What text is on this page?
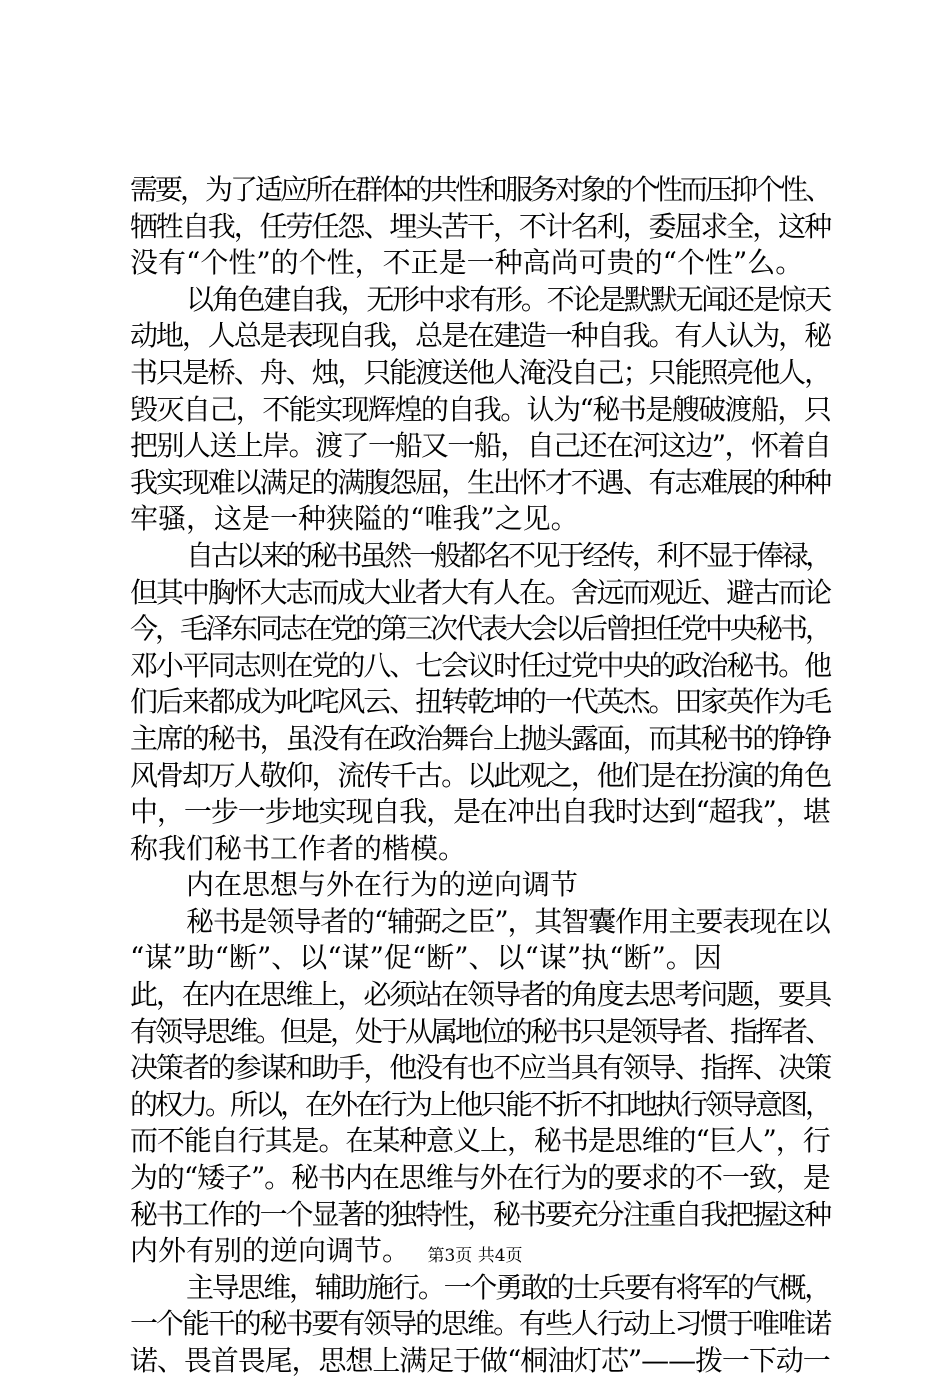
需要，为了适应所在群体的共性和服务对象的个性而压抑个性、
牺牲自我，任劳任怨、埋头苦干，不计名利，委屈求全，这种
没有“个性”的个性，不正是一种高尚可贵的“个性”么。
以角色建自我，无形中求有形。不论是默默无闻还是惊天
动地，人总是表现自我，总是在建造一种自我。有人认为，秘
书只是桥、舟、烛，只能渡送他人淹没自己；只能照亮他人，
毁灭自己，不能实现辉煌的自我。认为“秘书是艘破渡船，只
把别人送上岸。渡了一船又一船，自己还在河这边”，怀着自
我实现难以满足的满腹怨屈，生出怀才不遇、有志难展的种种
牢骚，这是一种狭隘的“唯我”之见。
自古以来的秘书虽然一般都名不见于经传，利不显于俸禄，
但其中胸怀大志而成大业者大有人在。舍远而观近、避古而论
今，毛泽东同志在党的第三次代表大会以后曾担任党中央秘书，
邓小平同志则在党的八、七会议时任过党中央的政治秘书。他
们后来都成为叱咤风云、扭转乾坤的一代英杰。田家英作为毛
主席的秘书，虽没有在政治舞台上抛头露面，而其秘书的铮铮
风骨却万人敬仰，流传千古。以此观之，他们是在扮演的角色
中，一步一步地实现自我，是在冲出自我时达到“超我”，堪
称我们秘书工作者的楷模。
内在思想与外在行为的逆向调节
秘书是领导者的“辅弼之臣”，其智囊作用主要表现在以
“谋”助“断”、以“谋”促“断”、以“谋”执“断”。因
此，在内在思维上，必须站在领导者的角度去思考问题，要具
有领导思维。但是，处于从属地位的秘书只是领导者、指挥者、
决策者的参谋和助手，他没有也不应当具有领导、指挥、决策
的权力。所以，在外在行为上他只能不折不扣地执行领导意图，
而不能自行其是。在某种意义上，秘书是思维的“巨人”，行
为的“矮子”。秘书内在思维与外在行为的要求的不一致，是
秘书工作的一个显著的独特性，秘书要充分注重自我把握这种
内外有别的逆向调节。
主导思维，辅助施行。一个勇敢的士兵要有将军的气概，
一个能干的秘书要有领导的思维。有些人行动上习惯于唯唯诺
诺、畏首畏尾，思想上满足于做“桐油灯芯”——拨一下动一
第3页 共4页
